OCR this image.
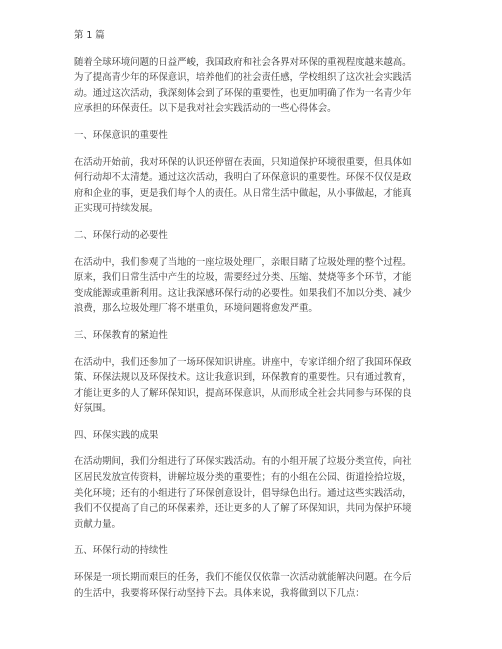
第 1 篇

随着全球环境问题的日益严峻，我国政府和社会各界对环保的重视程度越来越高。
为了提高青少年的环保意识，培养他们的社会责任感，学校组织了这次社会实践活
动。通过这次活动，我深刻体会到了环保的重要性，也更加明确了作为一名青少年
应承担的环保责任。以下是我对社会实践活动的一些心得体会。

一、环保意识的重要性

在活动开始前，我对环保的认识还停留在表面，只知道保护环境很重要，但具体如
何行动却不太清楚。通过这次活动，我明白了环保意识的重要性。环保不仅仅是政
府和企业的事，更是我们每个人的责任。从日常生活中做起，从小事做起，才能真
正实现可持续发展。

二、环保行动的必要性

在活动中，我们参观了当地的一座垃圾处理厂，亲眼目睹了垃圾处理的整个过程。
原来，我们日常生活中产生的垃圾，需要经过分类、压缩、焚烧等多个环节，才能
变成能源或重新利用。这让我深感环保行动的必要性。如果我们不加以分类、减少
浪费，那么垃圾处理厂将不堪重负，环境问题将愈发严重。

三、环保教育的紧迫性

在活动中，我们还参加了一场环保知识讲座。讲座中，专家详细介绍了我国环保政
策、环保法规以及环保技术。这让我意识到，环保教育的重要性。只有通过教育，
才能让更多的人了解环保知识，提高环保意识，从而形成全社会共同参与环保的良
好氛围。

四、环保实践的成果

在活动期间，我们分组进行了环保实践活动。有的小组开展了垃圾分类宣传，向社
区居民发放宣传资料，讲解垃圾分类的重要性；有的小组在公园、街道捡拾垃圾，
美化环境；还有的小组进行了环保创意设计，倡导绿色出行。通过这些实践活动，
我们不仅提高了自己的环保素养，还让更多的人了解了环保知识，共同为保护环境
贡献力量。

五、环保行动的持续性

环保是一项长期而艰巨的任务，我们不能仅仅依靠一次活动就能解决问题。在今后
的生活中，我要将环保行动坚持下去。具体来说，我将做到以下几点：
